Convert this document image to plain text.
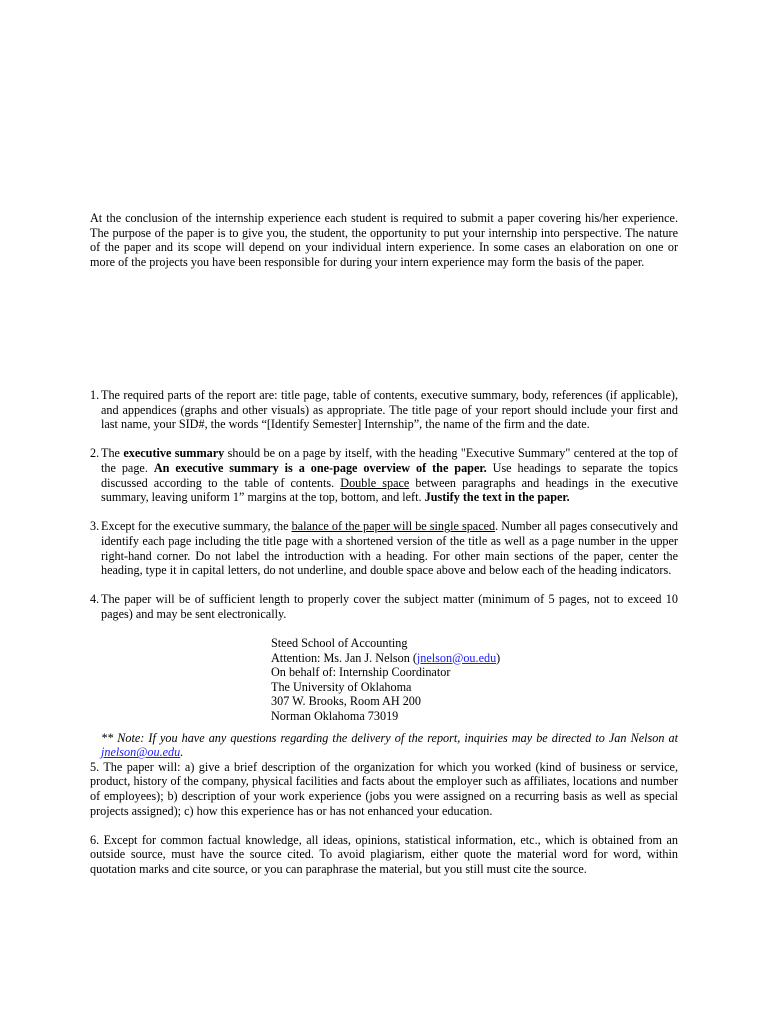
At the conclusion of the internship experience each student is required to submit a paper covering his/her experience. The purpose of the paper is to give you, the student, the opportunity to put your internship into perspective. The nature of the paper and its scope will depend on your individual intern experience. In some cases an elaboration on one or more of the projects you have been responsible for during your intern experience may form the basis of the paper.

1. The required parts of the report are: title page, table of contents, executive summary, body, references (if applicable), and appendices (graphs and other visuals) as appropriate. The title page of your report should include your first and last name, your SID#, the words “[Identify Semester] Internship”, the name of the firm and the date.
2. The executive summary should be on a page by itself, with the heading "Executive Summary" centered at the top of the page. An executive summary is a one-page overview of the paper. Use headings to separate the topics discussed according to the table of contents. Double space between paragraphs and headings in the executive summary, leaving uniform 1” margins at the top, bottom, and left. Justify the text in the paper.
3. Except for the executive summary, the balance of the paper will be single spaced. Number all pages consecutively and identify each page including the title page with a shortened version of the title as well as a page number in the upper right-hand corner. Do not label the introduction with a heading. For other main sections of the paper, center the heading, type it in capital letters, do not underline, and double space above and below each of the heading indicators.
4. The paper will be of sufficient length to properly cover the subject matter (minimum of 5 pages, not to exceed 10 pages) and may be sent electronically.
Steed School of Accounting
Attention: Ms. Jan J. Nelson (jnelson@ou.edu)
On behalf of: Internship Coordinator
The University of Oklahoma
307 W. Brooks, Room AH 200
Norman Oklahoma 73019
** Note: If you have any questions regarding the delivery of the report, inquiries may be directed to Jan Nelson at jnelson@ou.edu.
5. The paper will: a) give a brief description of the organization for which you worked (kind of business or service, product, history of the company, physical facilities and facts about the employer such as affiliates, locations and number of employees); b) description of your work experience (jobs you were assigned on a recurring basis as well as special projects assigned); c) how this experience has or has not enhanced your education.
6. Except for common factual knowledge, all ideas, opinions, statistical information, etc., which is obtained from an outside source, must have the source cited. To avoid plagiarism, either quote the material word for word, within quotation marks and cite source, or you can paraphrase the material, but you still must cite the source.
